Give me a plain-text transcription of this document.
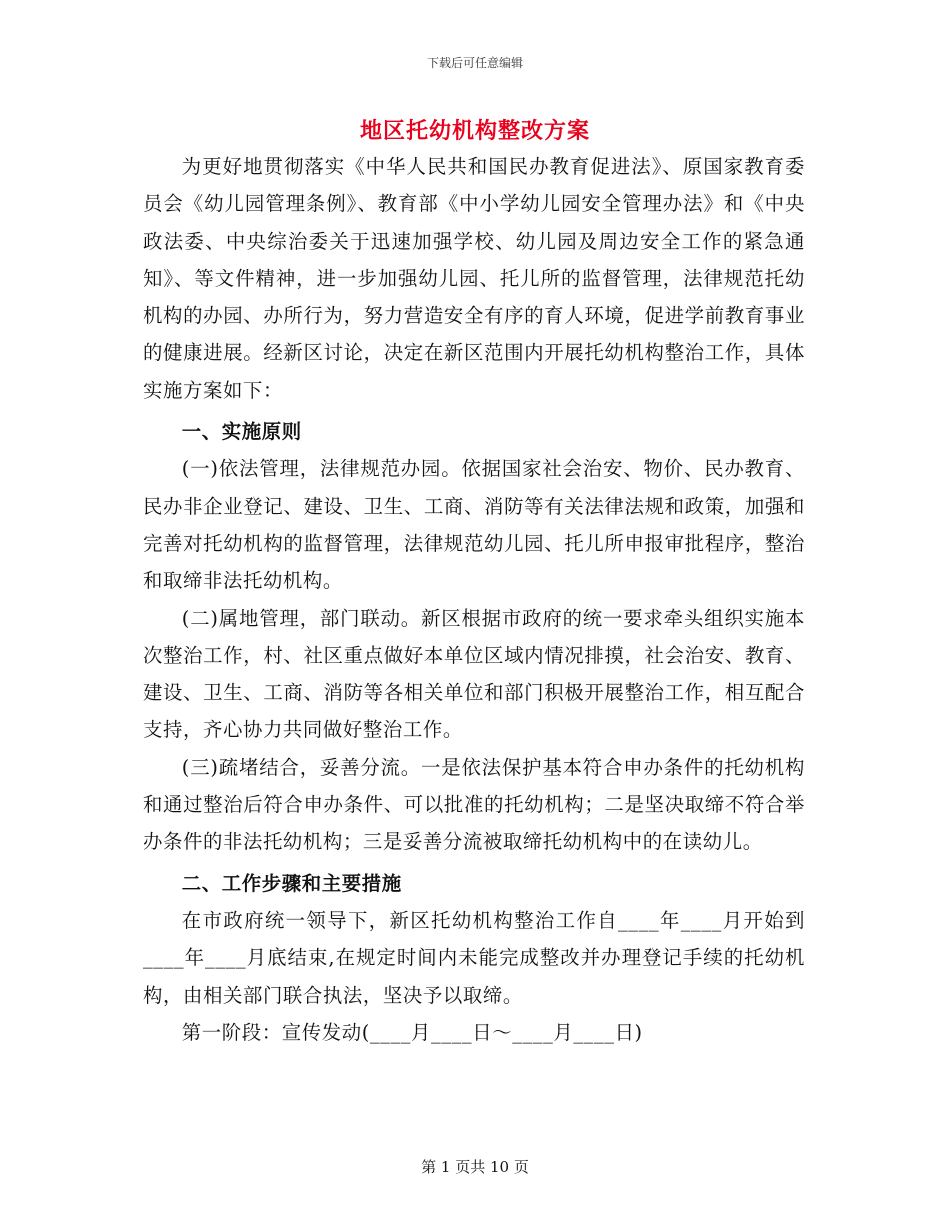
下载后可任意编辑
地区托幼机构整改方案

为更好地贯彻落实《中华人民共和国民办教育促进法》、原国家教育委员会《幼儿园管理条例》、教育部《中小学幼儿园安全管理办法》和《中央政法委、中央综治委关于迅速加强学校、幼儿园及周边安全工作的紧急通知》、等文件精神，进一步加强幼儿园、托儿所的监督管理，法律规范托幼机构的办园、办所行为，努力营造安全有序的育人环境，促进学前教育事业的健康进展。经新区讨论，决定在新区范围内开展托幼机构整治工作，具体实施方案如下：

一、实施原则

(一)依法管理，法律规范办园。依据国家社会治安、物价、民办教育、民办非企业登记、建设、卫生、工商、消防等有关法律法规和政策，加强和完善对托幼机构的监督管理，法律规范幼儿园、托儿所申报审批程序，整治和取缔非法托幼机构。

(二)属地管理，部门联动。新区根据市政府的统一要求牵头组织实施本次整治工作，村、社区重点做好本单位区域内情况排摸，社会治安、教育、建设、卫生、工商、消防等各相关单位和部门积极开展整治工作，相互配合支持，齐心协力共同做好整治工作。

(三)疏堵结合，妥善分流。一是依法保护基本符合申办条件的托幼机构和通过整治后符合申办条件、可以批准的托幼机构；二是坚决取缔不符合举办条件的非法托幼机构；三是妥善分流被取缔托幼机构中的在读幼儿。

二、工作步骤和主要措施

在市政府统一领导下，新区托幼机构整治工作自____年____月开始到____年____月底结束,在规定时间内未能完成整改并办理登记手续的托幼机构，由相关部门联合执法，坚决予以取缔。

第一阶段：宣传发动(____月____日～____月____日)

第 1 页共 10 页
